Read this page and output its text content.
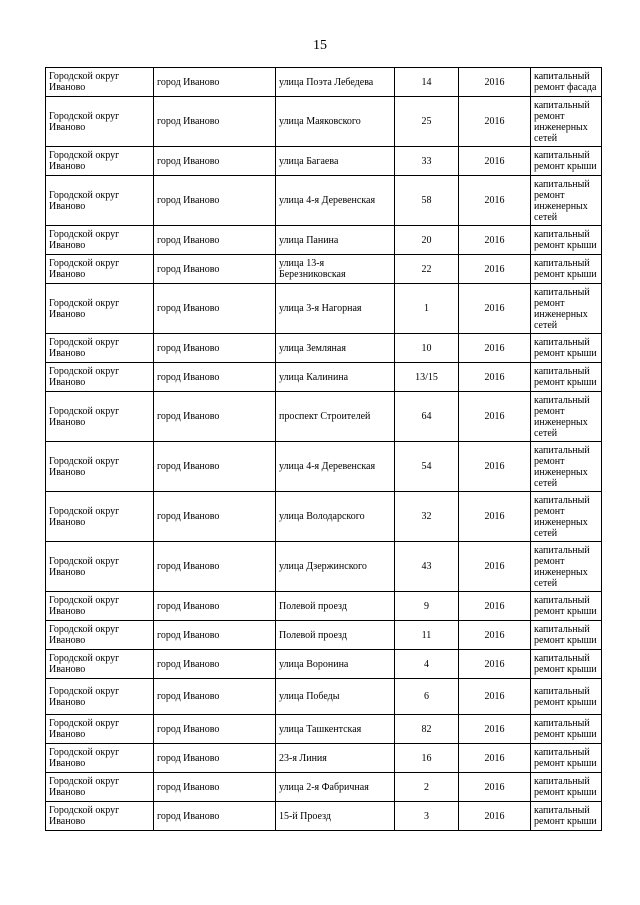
15
Городской округ Иваново	город Иваново	улица Поэта Лебедева	14	2016	капитальный ремонт фасада
Городской округ Иваново	город Иваново	улица Маяковского	25	2016	капитальный ремонт инженерных сетей
Городской округ Иваново	город Иваново	улица Багаева	33	2016	капитальный ремонт крыши
Городской округ Иваново	город Иваново	улица 4-я Деревенская	58	2016	капитальный ремонт инженерных сетей
Городской округ Иваново	город Иваново	улица Панина	20	2016	капитальный ремонт крыши
Городской округ Иваново	город Иваново	улица 13-я Березниковская	22	2016	капитальный ремонт крыши
Городской округ Иваново	город Иваново	улица 3-я Нагорная	1	2016	капитальный ремонт инженерных сетей
Городской округ Иваново	город Иваново	улица Земляная	10	2016	капитальный ремонт крыши
Городской округ Иваново	город Иваново	улица Калинина	13/15	2016	капитальный ремонт крыши
Городской округ Иваново	город Иваново	проспект Строителей	64	2016	капитальный ремонт инженерных сетей
Городской округ Иваново	город Иваново	улица 4-я Деревенская	54	2016	капитальный ремонт инженерных сетей
Городской округ Иваново	город Иваново	улица Володарского	32	2016	капитальный ремонт инженерных сетей
Городской округ Иваново	город Иваново	улица Дзержинского	43	2016	капитальный ремонт инженерных сетей
Городской округ Иваново	город Иваново	Полевой проезд	9	2016	капитальный ремонт крыши
Городской округ Иваново	город Иваново	Полевой проезд	11	2016	капитальный ремонт крыши
Городской округ Иваново	город Иваново	улица Воронина	4	2016	капитальный ремонт крыши
Городской округ Иваново	город Иваново	улица Победы	6	2016	капитальный ремонт крыши
Городской округ Иваново	город Иваново	улица Ташкентская	82	2016	капитальный ремонт крыши
Городской округ Иваново	город Иваново	23-я Линия	16	2016	капитальный ремонт крыши
Городской округ Иваново	город Иваново	улица 2-я Фабричная	2	2016	капитальный ремонт крыши
Городской округ Иваново	город Иваново	15-й Проезд	3	2016	капитальный ремонт крыши
